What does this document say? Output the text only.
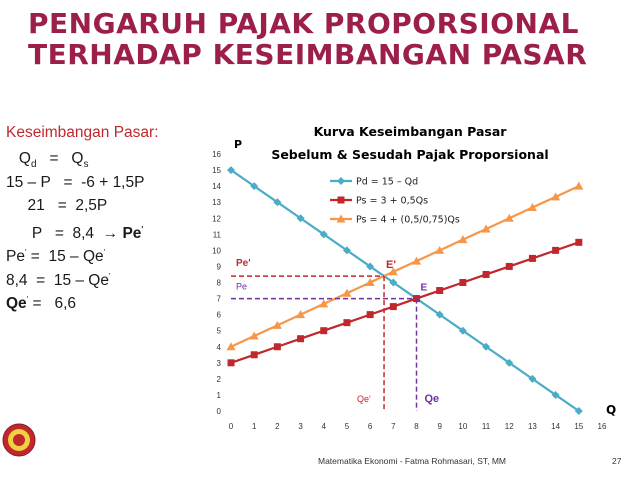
PENGARUH PAJAK PROPORSIONAL
TERHADAP KESEIMBANGAN PASAR
Keseimbangan Pasar:
$Q_d = Q_s$
15 – P   =  -6 + 1,5P
21   =  2,5P
P   =  8,4  → Pe'
Pe' =  15 – Qe'
8,4  =  15 – Qe'
Qe' =   6,6
0 1 2 3 4 5 6 7 8 9 10 11 12 13 14 15 16
0
1
2
3
4
5
6
7
8
9
10
11
12
13
14
15
16
E
E'
Pe
Pe'
Qe'	Qe
Pd = 15 – Qd
Ps = 3 + 0,5Qs
Ps = 4 + (0,5/0,75)Qs
Kurva Keseimbangan Pasar
Sebelum & Sesudah Pajak Proporsional
P
Q
Matematika Ekonomi - Fatma Rohmasari, ST, MM	27
